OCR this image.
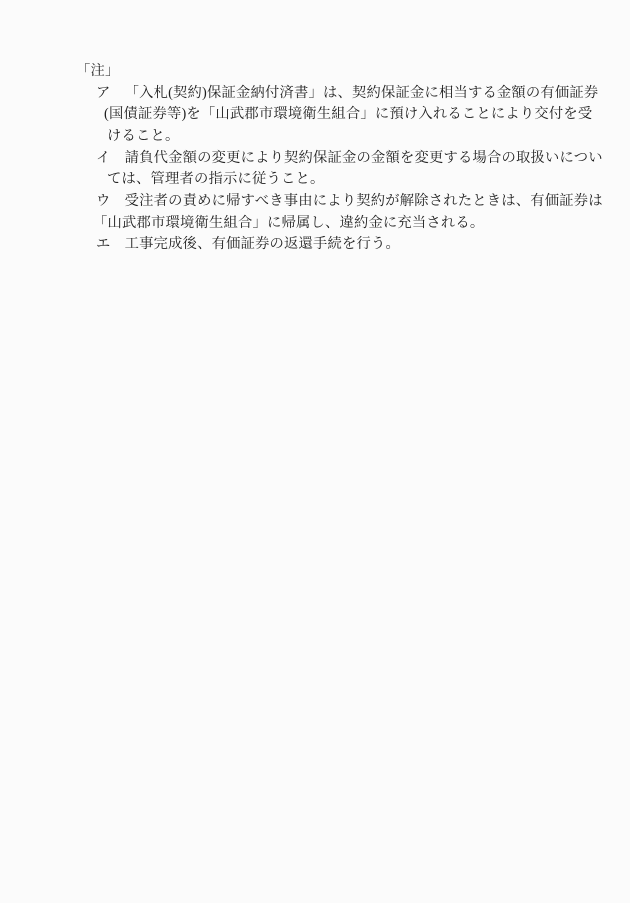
「注」
ア 「入札(契約)保証金納付済書」は、契約保証金に相当する金額の有価証券
(国債証券等)を「山武郡市環境衛生組合」に預け入れることにより交付を受
けること。
イ 請負代金額の変更により契約保証金の金額を変更する場合の取扱いについ
ては、管理者の指示に従うこと。
ウ 受注者の責めに帰すべき事由により契約が解除されたときは、有価証券は
「山武郡市環境衛生組合」に帰属し、違約金に充当される。
エ 工事完成後、有価証券の返還手続を行う。
